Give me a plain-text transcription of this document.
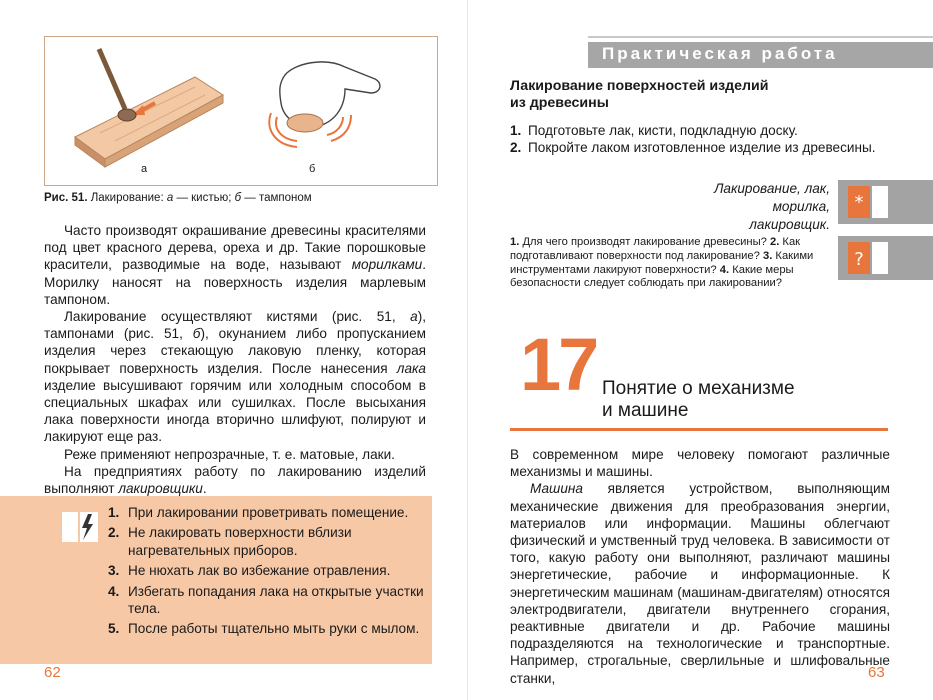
а	б
Рис. 51. Лакирование: а — кистью; б — тампоном

Часто производят окрашивание древесины красителями под цвет красного дерева, ореха и др. Такие порошковые красители, разводимые на воде, называют морилками. Морилку наносят на поверхность изделия марлевым тампоном.

Лакирование осуществляют кистями (рис. 51, а), тампонами (рис. 51, б), окунанием либо пропусканием изделия через стекающую лаковую пленку, которая покрывает поверхность изделия. После нанесения лака изделие высушивают горячим или холодным способом в специальных шкафах или сушилках. После высыхания лака поверхности иногда вторично шлифуют, полируют и лакируют еще раз.

Реже применяют непрозрачные, т. е. матовые, лаки.

На предприятиях работу по лакированию изделий выполняют лакировщики.

1. При лакировании проветривать помещение.
2. Не лакировать поверхности вблизи нагревательных приборов.
3. Не нюхать лак во избежание отравления.
4. Избегать попадания лака на открытые участки тела.
5. После работы тщательно мыть руки с мылом.
62
Практическая работа
Лакирование поверхностей изделий
из древесины
1. Подготовьте лак, кисти, подкладную доску.
2. Покройте лаком изготовленное изделие из древесины.
Лакирование, лак,
морилка,
лакировщик.
*
?
1. Для чего производят лакирование древесины? 2. Как подготавливают поверхности под лакирование? 3. Какими инструментами лакируют поверхности? 4. Какие меры безопасности следует соблюдать при лакировании?
17 Понятие о механизме
и машине

В современном мире человеку помогают различные механизмы и машины.

Машина является устройством, выполняющим механические движения для преобразования энергии, материалов или информации. Машины облегчают физический и умственный труд человека. В зависимости от того, какую работу они выполняют, различают машины энергетические, рабочие и информационные. К энергетическим машинам (машинам-двигателям) относятся электродвигатели, двигатели внутреннего сгорания, реактивные двигатели и др. Рабочие машины подразделяются на технологические и транспортные. Например, строгальные, сверлильные и шлифовальные станки,	63
